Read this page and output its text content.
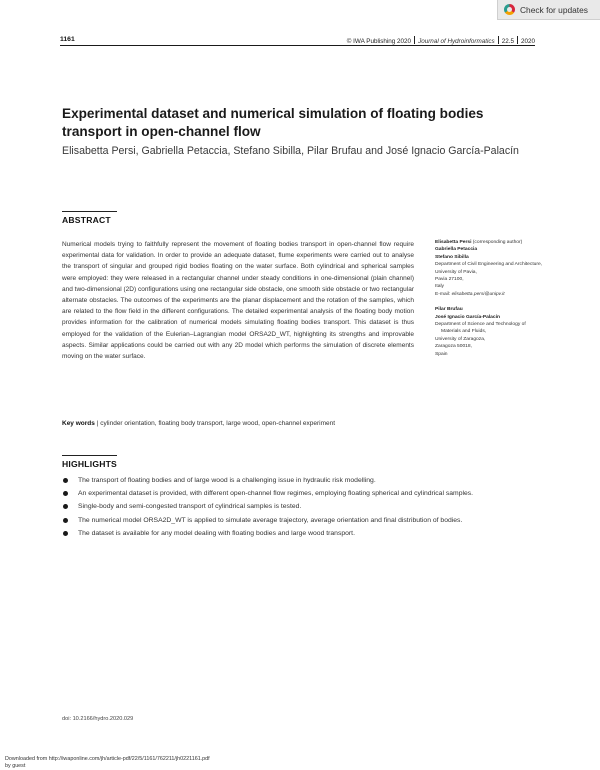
Check for updates
1161	© IWA Publishing 2020 Journal of Hydroinformatics 22.5 2020
Experimental dataset and numerical simulation of floating bodies transport in open-channel flow
Elisabetta Persi, Gabriella Petaccia, Stefano Sibilla, Pilar Brufau and José Ignacio García-Palacín
ABSTRACT
Numerical models trying to faithfully represent the movement of floating bodies transport in open-channel flow require experimental data for validation. In order to provide an adequate dataset, flume experiments were carried out to analyse the transport of singular and grouped rigid bodies floating on the water surface. Both cylindrical and spherical samples were employed: they were released in a rectangular channel under steady conditions in one-dimensional (plain channel) and two-dimensional (2D) configurations using one rectangular side obstacle, one smooth side obstacle or two rectangular alternate obstacles. The outcomes of the experiments are the planar displacement and the rotation of the samples, which are related to the flow field in the different configurations. The detailed experimental analysis of the floating body motion provides information for the calibration of numerical models simulating floating bodies transport. This dataset is thus employed for the validation of the Eulerian–Lagrangian model ORSA2D_WT, highlighting its strengths and improvable aspects. Similar applications could be carried out with any 2D model which performs the simulation of discrete elements moving on the water surface.
Key words | cylinder orientation, floating body transport, large wood, open-channel experiment
Elisabetta Persi (corresponding author)
Gabriella Petaccia
Stefano Sibilla
Department of Civil Engineering and Architecture,
University of Pavia,
Pavia 27100,
Italy
E-mail: elisabetta.persi@unipv.it
Pilar Brufau
José Ignacio García-Palacín
Department of Science and Technology of
Materials and Fluids,
University of Zaragoza,
Zaragoza 50018,
Spain
HIGHLIGHTS
The transport of floating bodies and of large wood is a challenging issue in hydraulic risk modelling.
An experimental dataset is provided, with different open-channel flow regimes, employing floating spherical and cylindrical samples.
Single-body and semi-congested transport of cylindrical samples is tested.
The numerical model ORSA2D_WT is applied to simulate average trajectory, average orientation and final distribution of bodies.
The dataset is available for any model dealing with floating bodies and large wood transport.
doi: 10.2166/hydro.2020.029
Downloaded from http://iwaponline.com/jh/article-pdf/22/5/1161/762211/jh0221161.pdf
by guest
